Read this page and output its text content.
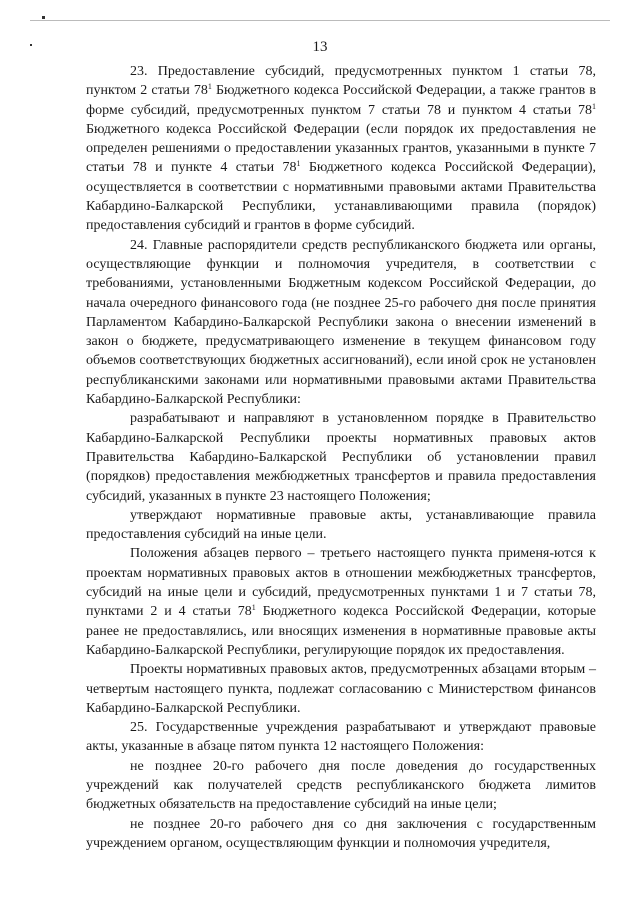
13

23. Предоставление субсидий, предусмотренных пунктом 1 статьи 78, пунктом 2 статьи $78^1$ Бюджетного кодекса Российской Федерации, а также грантов в форме субсидий, предусмотренных пунктом 7 статьи 78 и пунктом 4 статьи $78^1$ Бюджетного кодекса Российской Федерации (если порядок их предоставления не определен решениями о предоставлении указанных грантов, указанными в пункте 7 статьи 78 и пункте 4 статьи $78^1$ Бюджетного кодекса Российской Федерации), осуществляется в соответствии с нормативными правовыми актами Правительства Кабардино-Балкарской Республики, устанавливающими правила (порядок) предоставления субсидий и грантов в форме субсидий.

24. Главные распорядители средств республиканского бюджета или органы, осуществляющие функции и полномочия учредителя, в соответствии с требованиями, установленными Бюджетным кодексом Российской Федерации, до начала очередного финансового года (не позднее 25-го рабочего дня после принятия Парламентом Кабардино-Балкарской Республики закона о внесении изменений в закон о бюджете, предусматривающего изменение в текущем финансовом году объемов соответствующих бюджетных ассигнований), если иной срок не установлен республиканскими законами или нормативными правовыми актами Правительства Кабардино-Балкарской Республики:

разрабатывают и направляют в установленном порядке в Правительство Кабардино-Балкарской Республики проекты нормативных правовых актов Правительства Кабардино-Балкарской Республики об установлении правил (порядков) предоставления межбюджетных трансфертов и правила предоставления субсидий, указанных в пункте 23 настоящего Положения;

утверждают нормативные правовые акты, устанавливающие правила предоставления субсидий на иные цели.

Положения абзацев первого – третьего настоящего пункта применя-ются к проектам нормативных правовых актов в отношении межбюджетных трансфертов, субсидий на иные цели и субсидий, предусмотренных пунктами 1 и 7 статьи 78, пунктами 2 и 4 статьи $78^1$ Бюджетного кодекса Российской Федерации, которые ранее не предоставлялись, или вносящих изменения в нормативные правовые акты Кабардино-Балкарской Республики, регулирующие порядок их предоставления.

Проекты нормативных правовых актов, предусмотренных абзацами вторым – четвертым настоящего пункта, подлежат согласованию с Министерством финансов Кабардино-Балкарской Республики.

25. Государственные учреждения разрабатывают и утверждают правовые акты, указанные в абзаце пятом пункта 12 настоящего Положения:

не позднее 20-го рабочего дня после доведения до государственных учреждений как получателей средств республиканского бюджета лимитов бюджетных обязательств на предоставление субсидий на иные цели;

не позднее 20-го рабочего дня со дня заключения с государственным учреждением органом, осуществляющим функции и полномочия учредителя,
